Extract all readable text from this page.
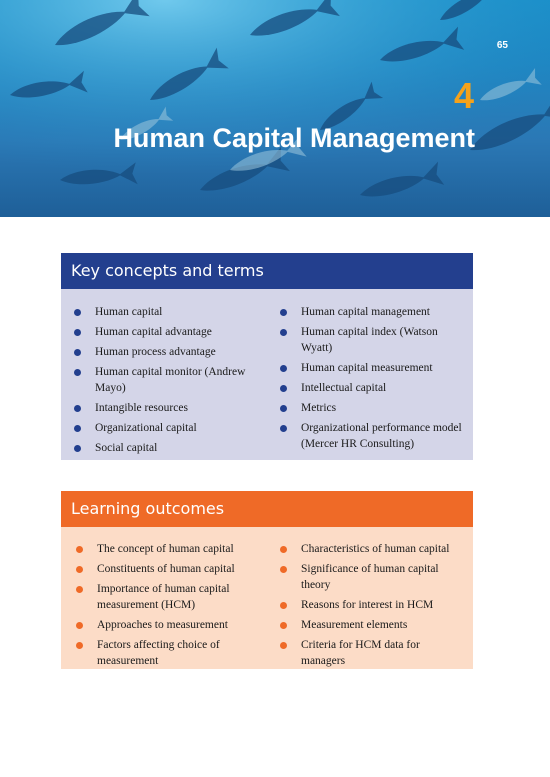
65
4
Human Capital Management
Key concepts and terms
Human capital
Human capital advantage
Human process advantage
Human capital monitor (Andrew
Mayo)
Intangible resources
Organizational capital
Social capital
Human capital management
Human capital index (Watson
Wyatt)
Human capital measurement
Intellectual capital
Metrics
Organizational performance model
(Mercer HR Consulting)
Learning outcomes
The concept of human capital
Constituents of human capital
Importance of human capital
measurement (HCM)
Approaches to measurement
Factors affecting choice of
measurement
Characteristics of human capital
Significance of human capital
theory
Reasons for interest in HCM
Measurement elements
Criteria for HCM data for
managers
